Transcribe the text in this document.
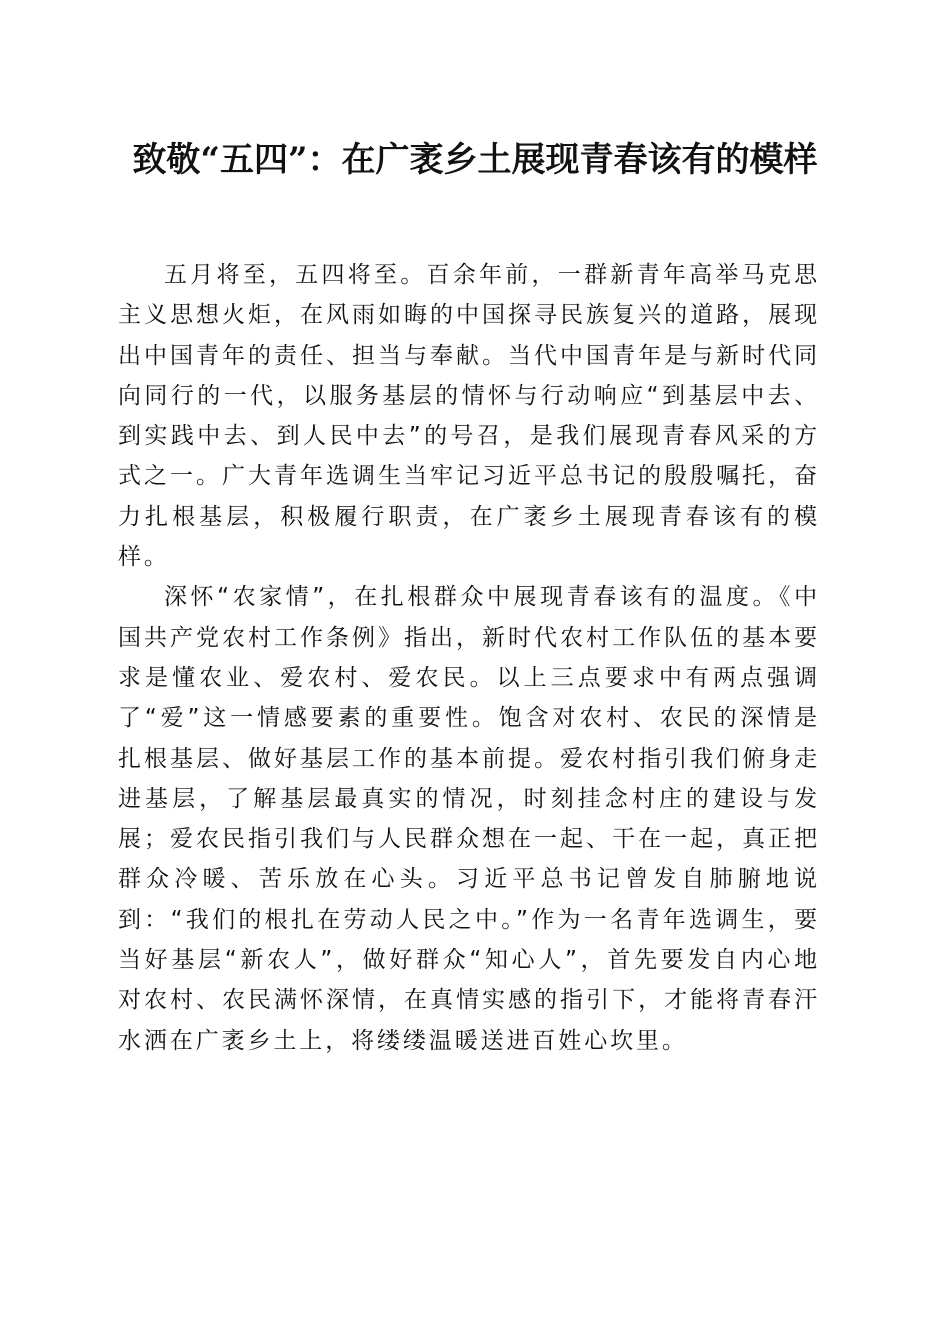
致敬“五四”：在广袤乡土展现青春该有的模样

五月将至，五四将至。百余年前，一群新青年高举马克思主义思想火炬，在风雨如晦的中国探寻民族复兴的道路，展现出中国青年的责任、担当与奉献。当代中国青年是与新时代同向同行的一代，以服务基层的情怀与行动响应“到基层中去、到实践中去、到人民中去”的号召，是我们展现青春风采的方式之一。广大青年选调生当牢记习近平总书记的殷殷嘱托，奋力扎根基层，积极履行职责，在广袤乡土展现青春该有的模样。

深怀“农家情”，在扎根群众中展现青春该有的温度。《中国共产党农村工作条例》指出，新时代农村工作队伍的基本要求是懂农业、爱农村、爱农民。以上三点要求中有两点强调了“爱”这一情感要素的重要性。饱含对农村、农民的深情是扎根基层、做好基层工作的基本前提。爱农村指引我们俯身走进基层，了解基层最真实的情况，时刻挂念村庄的建设与发展；爱农民指引我们与人民群众想在一起、干在一起，真正把群众冷暖、苦乐放在心头。习近平总书记曾发自肺腑地说到：“我们的根扎在劳动人民之中。”作为一名青年选调生，要当好基层“新农人”，做好群众“知心人”，首先要发自内心地对农村、农民满怀深情，在真情实感的指引下，才能将青春汗水洒在广袤乡土上，将缕缕温暖送进百姓心坎里。
